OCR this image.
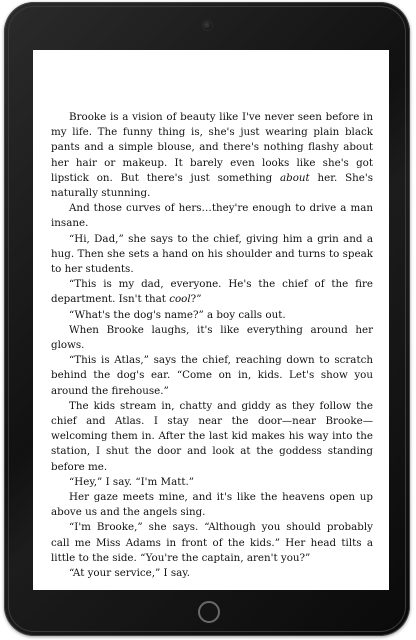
Brooke is a vision of beauty like I've never seen before in my life. The funny thing is, she's just wearing plain black pants and a simple blouse, and there's nothing flashy about her hair or makeup. It barely even looks like she's got lipstick on. But there's just something about her. She's naturally stunning.

And those curves of hers…they're enough to drive a man insane.

“Hi, Dad,” she says to the chief, giving him a grin and a hug. Then she sets a hand on his shoulder and turns to speak to her students.

“This is my dad, everyone. He's the chief of the fire department. Isn't that cool?”

“What's the dog's name?” a boy calls out.

When Brooke laughs, it's like everything around her glows.

“This is Atlas,” says the chief, reaching down to scratch behind the dog's ear. “Come on in, kids. Let's show you around the firehouse.”

The kids stream in, chatty and giddy as they follow the chief and Atlas. I stay near the door—near Brooke—welcoming them in. After the last kid makes his way into the station, I shut the door and look at the goddess standing before me.

“Hey,” I say. “I'm Matt.”

Her gaze meets mine, and it's like the heavens open up above us and the angels sing.

“I'm Brooke,” she says. “Although you should probably call me Miss Adams in front of the kids.” Her head tilts a little to the side. “You're the captain, aren't you?”

“At your service,” I say.
